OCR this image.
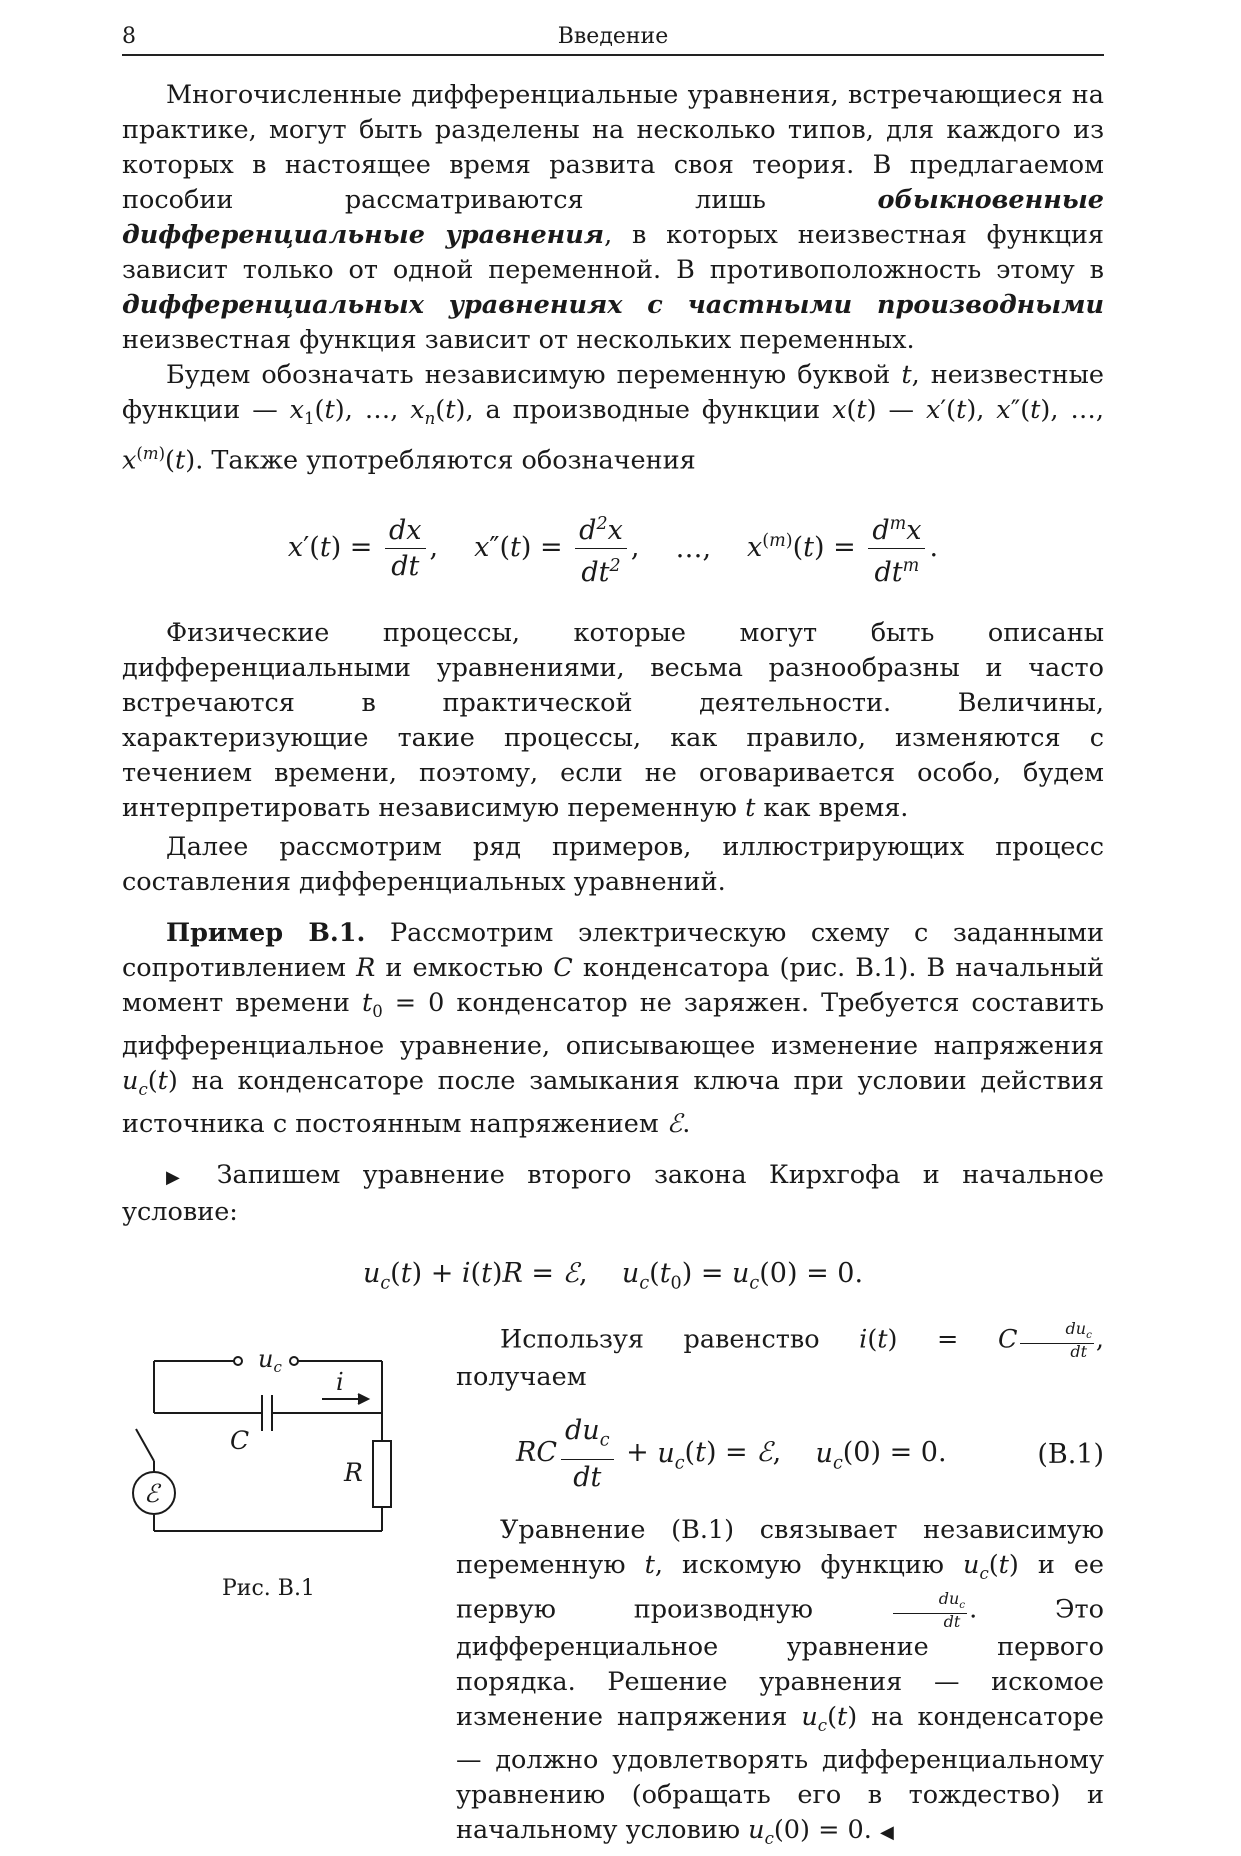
8	Введение

Многочисленные дифференциальные уравнения, встречающиеся на практике, могут быть разделены на несколько типов, для каждого из которых в настоящее время развита своя теория. В предлагаемом пособии рассматриваются лишь обыкновенные дифференциальные уравнения, в которых неизвестная функция зависит только от одной переменной. В противоположность этому в дифференциальных уравнениях с частными производными неизвестная функция зависит от нескольких переменных.

Будем обозначать независимую переменную буквой t, неизвестные функции — $x_1(t)$, …, $x_n(t)$, а производные функции x(t) — x′(t), x″(t), …, $x^{(m)}(t)$. Также употребляются обозначения

$x'(t) = \frac{dx}{dt}$ , $x''(t) = \frac{d^2x}{dt^2}$ , …, $x^{(m)}(t) = \frac{d^mx}{dt^m}$ .

Физические процессы, которые могут быть описаны дифференциальными уравнениями, весьма разнообразны и часто встречаются в практической деятельности. Величины, характеризующие такие процессы, как правило, изменяются с течением времени, поэтому, если не оговаривается особо, будем интерпретировать независимую переменную t как время.

Далее рассмотрим ряд примеров, иллюстрирующих процесс составления дифференциальных уравнений.

Пример В.1. Рассмотрим электрическую схему с заданными сопротивлением R и емкостью C конденсатора (рис. В.1). В начальный момент времени $t_0 = 0$ конденсатор не заряжен. Требуется составить дифференциальное уравнение, описывающее изменение напряжения $u_c(t)$ на конденсаторе после замыкания ключа при условии действия источника с постоянным напряжением ℰ.

▶ Запишем уравнение второго закона Кирхгофа и начальное условие:

$u_c(t) + i(t)R$ = ℰ,    $u_c(t_0) = u_c(0) = 0$.
$u_c$
i
C
R
ℰ
Рис. В.1

Используя равенство i(t) = C $\frac{du_c}{dt}$ , получаем

RC $\frac{du_c}{dt} + u_c(t)$ = ℰ,    $u_c(0) = 0$.	(В.1)

Уравнение (В.1) связывает независимую переменную t, искомую функцию $u_c(t)$ и ее первую производную $\frac{du_c}{dt}$ . Это дифференциальное уравнение первого порядка. Решение уравнения — искомое изменение напряжения $u_c(t)$ на конденсаторе — должно удовлетворять дифференциальному уравнению (обращать его в тождество) и начальному условию $u_c(0) = 0$. ◀
